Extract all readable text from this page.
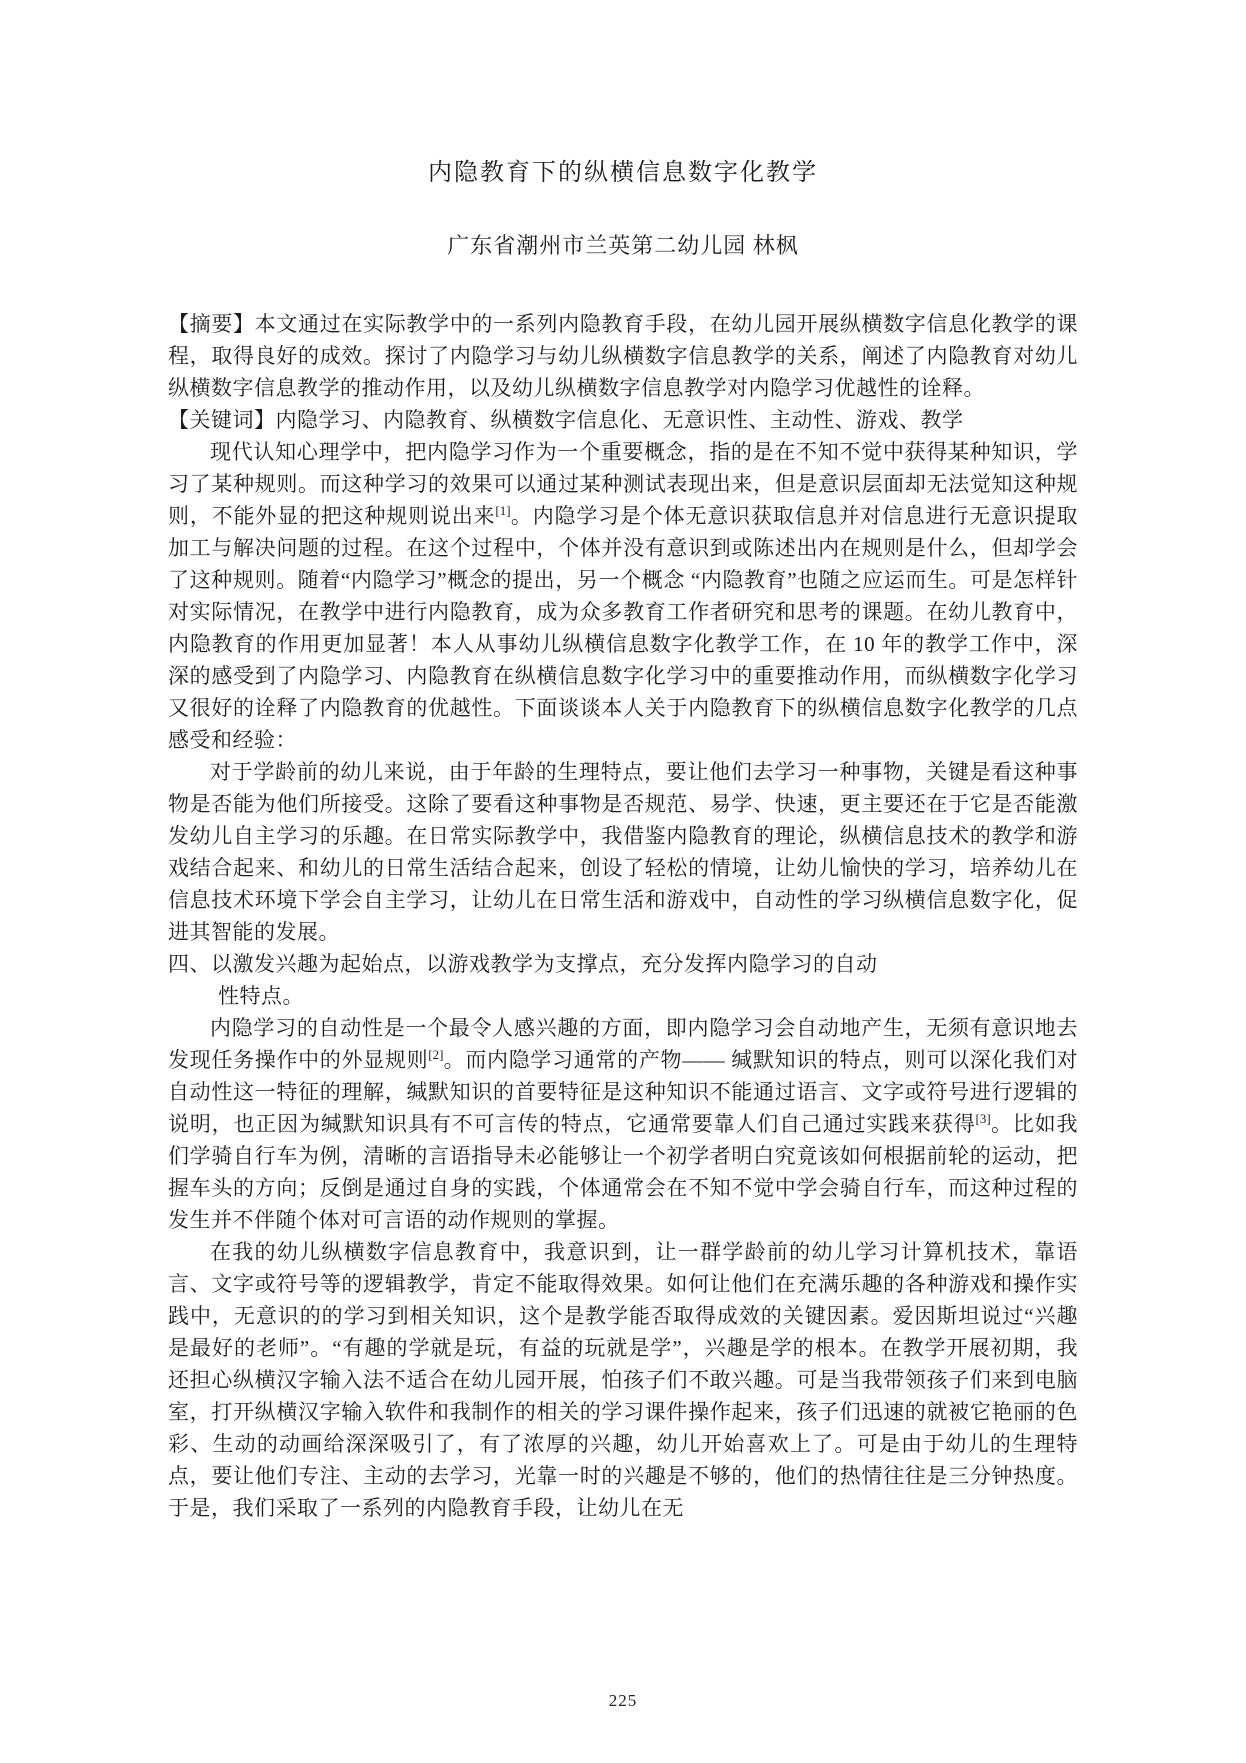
内隐教育下的纵横信息数字化教学
广东省潮州市兰英第二幼儿园 林枫

【摘要】本文通过在实际教学中的一系列内隐教育手段，在幼儿园开展纵横数字信息化教学的课程，取得良好的成效。探讨了内隐学习与幼儿纵横数字信息教学的关系，阐述了内隐教育对幼儿纵横数字信息教学的推动作用，以及幼儿纵横数字信息教学对内隐学习优越性的诠释。

【关键词】内隐学习、内隐教育、纵横数字信息化、无意识性、主动性、游戏、教学

现代认知心理学中，把内隐学习作为一个重要概念，指的是在不知不觉中获得某种知识，学习了某种规则。而这种学习的效果可以通过某种测试表现出来，但是意识层面却无法觉知这种规则，不能外显的把这种规则说出来[1]。内隐学习是个体无意识获取信息并对信息进行无意识提取加工与解决问题的过程。在这个过程中，个体并没有意识到或陈述出内在规则是什么，但却学会了这种规则。随着“内隐学习”概念的提出，另一个概念 “内隐教育”也随之应运而生。可是怎样针对实际情况，在教学中进行内隐教育，成为众多教育工作者研究和思考的课题。在幼儿教育中，内隐教育的作用更加显著！本人从事幼儿纵横信息数字化教学工作，在 10 年的教学工作中，深深的感受到了内隐学习、内隐教育在纵横信息数字化学习中的重要推动作用，而纵横数字化学习又很好的诠释了内隐教育的优越性。下面谈谈本人关于内隐教育下的纵横信息数字化教学的几点感受和经验：

对于学龄前的幼儿来说，由于年龄的生理特点，要让他们去学习一种事物，关键是看这种事物是否能为他们所接受。这除了要看这种事物是否规范、易学、快速，更主要还在于它是否能激发幼儿自主学习的乐趣。在日常实际教学中，我借鉴内隐教育的理论，纵横信息技术的教学和游戏结合起来、和幼儿的日常生活结合起来，创设了轻松的情境，让幼儿愉快的学习，培养幼儿在信息技术环境下学会自主学习，让幼儿在日常生活和游戏中，自动性的学习纵横信息数字化，促进其智能的发展。

四、以激发兴趣为起始点，以游戏教学为支撑点，充分发挥内隐学习的自动
性特点。

内隐学习的自动性是一个最令人感兴趣的方面，即内隐学习会自动地产生，无须有意识地去发现任务操作中的外显规则[2]。而内隐学习通常的产物—— 缄默知识的特点，则可以深化我们对自动性这一特征的理解，缄默知识的首要特征是这种知识不能通过语言、文字或符号进行逻辑的说明，也正因为缄默知识具有不可言传的特点，它通常要靠人们自己通过实践来获得[3]。比如我们学骑自行车为例，清晰的言语指导未必能够让一个初学者明白究竟该如何根据前轮的运动，把握车头的方向；反倒是通过自身的实践，个体通常会在不知不觉中学会骑自行车，而这种过程的发生并不伴随个体对可言语的动作规则的掌握。

在我的幼儿纵横数字信息教育中，我意识到，让一群学龄前的幼儿学习计算机技术，靠语言、文字或符号等的逻辑教学，肯定不能取得效果。如何让他们在充满乐趣的各种游戏和操作实践中，无意识的的学习到相关知识，这个是教学能否取得成效的关键因素。爱因斯坦说过“兴趣是最好的老师”。“有趣的学就是玩，有益的玩就是学”，兴趣是学的根本。在教学开展初期，我还担心纵横汉字输入法不适合在幼儿园开展，怕孩子们不敢兴趣。可是当我带领孩子们来到电脑室，打开纵横汉字输入软件和我制作的相关的学习课件操作起来，孩子们迅速的就被它艳丽的色彩、生动的动画给深深吸引了，有了浓厚的兴趣，幼儿开始喜欢上了。可是由于幼儿的生理特点，要让他们专注、主动的去学习，光靠一时的兴趣是不够的，他们的热情往往是三分钟热度。于是，我们采取了一系列的内隐教育手段，让幼儿在无

225
